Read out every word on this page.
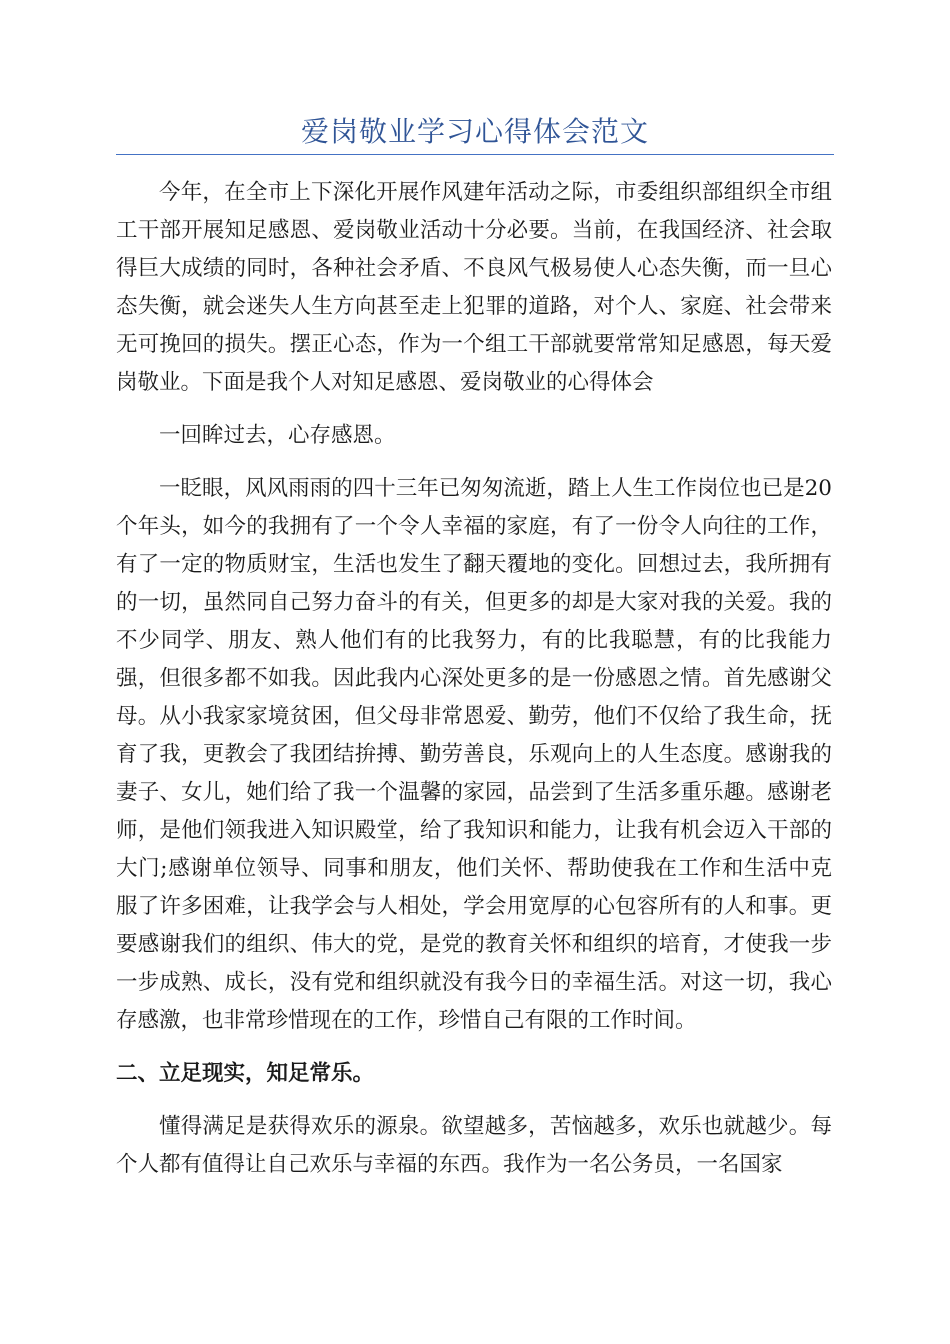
爱岗敬业学习心得体会范文

今年，在全市上下深化开展作风建年活动之际，市委组织部组织全市组工干部开展知足感恩、爱岗敬业活动十分必要。当前，在我国经济、社会取得巨大成绩的同时，各种社会矛盾、不良风气极易使人心态失衡，而一旦心态失衡，就会迷失人生方向甚至走上犯罪的道路，对个人、家庭、社会带来无可挽回的损失。摆正心态，作为一个组工干部就要常常知足感恩，每天爱岗敬业。下面是我个人对知足感恩、爱岗敬业的心得体会

一回眸过去，心存感恩。

一眨眼，风风雨雨的四十三年已匆匆流逝，踏上人生工作岗位也已是20个年头，如今的我拥有了一个令人幸福的家庭，有了一份令人向往的工作，有了一定的物质财宝，生活也发生了翻天覆地的变化。回想过去，我所拥有的一切，虽然同自己努力奋斗的有关，但更多的却是大家对我的关爱。我的不少同学、朋友、熟人他们有的比我努力，有的比我聪慧，有的比我能力强，但很多都不如我。因此我内心深处更多的是一份感恩之情。首先感谢父母。从小我家家境贫困，但父母非常恩爱、勤劳，他们不仅给了我生命，抚育了我，更教会了我团结拚搏、勤劳善良，乐观向上的人生态度。感谢我的妻子、女儿，她们给了我一个温馨的家园，品尝到了生活多重乐趣。感谢老师，是他们领我进入知识殿堂，给了我知识和能力，让我有机会迈入干部的大门;感谢单位领导、同事和朋友，他们关怀、帮助使我在工作和生活中克服了许多困难，让我学会与人相处，学会用宽厚的心包容所有的人和事。更要感谢我们的组织、伟大的党，是党的教育关怀和组织的培育，才使我一步一步成熟、成长，没有党和组织就没有我今日的幸福生活。对这一切，我心存感激，也非常珍惜现在的工作，珍惜自己有限的工作时间。

二、立足现实，知足常乐。

懂得满足是获得欢乐的源泉。欲望越多，苦恼越多，欢乐也就越少。每个人都有值得让自己欢乐与幸福的东西。我作为一名公务员，一名国家
